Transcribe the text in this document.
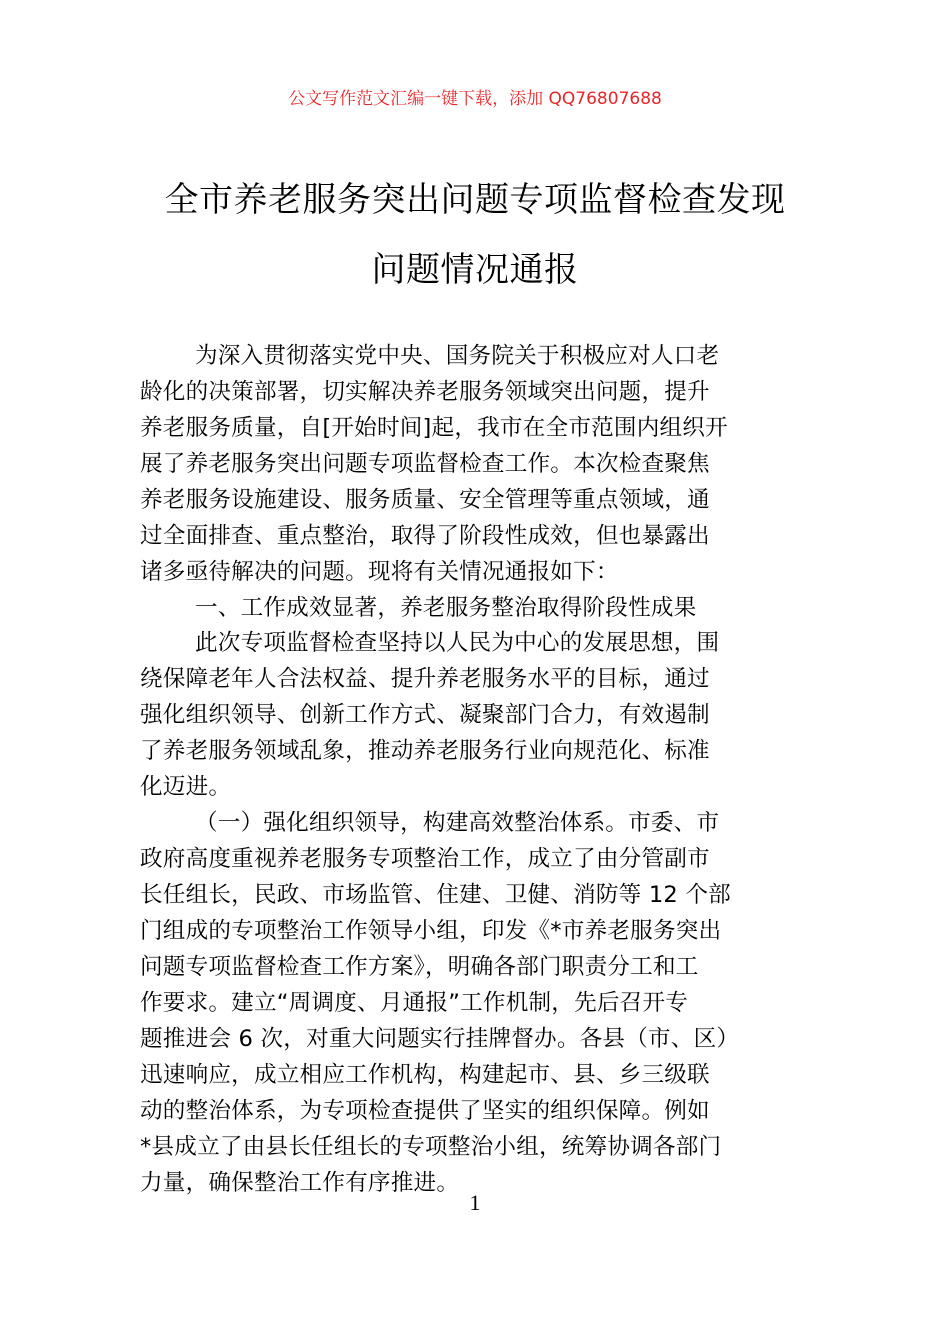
公文写作范文汇编一键下载，添加 QQ76807688
全市养老服务突出问题专项监督检查发现
问题情况通报
为深入贯彻落实党中央、国务院关于积极应对人口老
龄化的决策部署，切实解决养老服务领域突出问题，提升
养老服务质量，自[开始时间]起，我市在全市范围内组织开
展了养老服务突出问题专项监督检查工作。本次检查聚焦
养老服务设施建设、服务质量、安全管理等重点领域，通
过全面排查、重点整治，取得了阶段性成效，但也暴露出
诸多亟待解决的问题。现将有关情况通报如下：
一、工作成效显著，养老服务整治取得阶段性成果
此次专项监督检查坚持以人民为中心的发展思想，围
绕保障老年人合法权益、提升养老服务水平的目标，通过
强化组织领导、创新工作方式、凝聚部门合力，有效遏制
了养老服务领域乱象，推动养老服务行业向规范化、标准
化迈进。
（一）强化组织领导，构建高效整治体系。市委、市
政府高度重视养老服务专项整治工作，成立了由分管副市
长任组长，民政、市场监管、住建、卫健、消防等 12 个部
门组成的专项整治工作领导小组，印发《*市养老服务突出
问题专项监督检查工作方案》，明确各部门职责分工和工
作要求。建立“周调度、月通报”工作机制，先后召开专
题推进会 6 次，对重大问题实行挂牌督办。各县（市、区）
迅速响应，成立相应工作机构，构建起市、县、乡三级联
动的整治体系，为专项检查提供了坚实的组织保障。例如
*县成立了由县长任组长的专项整治小组，统筹协调各部门
力量，确保整治工作有序推进。
1
